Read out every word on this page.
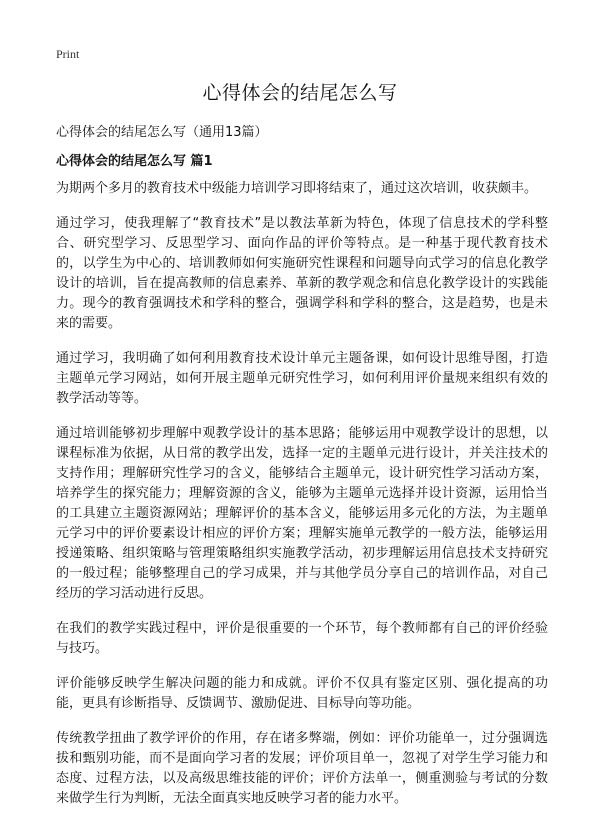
Print
心得体会的结尾怎么写

心得体会的结尾怎么写（通用13篇）

心得体会的结尾怎么写 篇1

为期两个多月的教育技术中级能力培训学习即将结束了，通过这次培训，收获颇丰。

通过学习，使我理解了“教育技术”是以教法革新为特色，体现了信息技术的学科整合、研究型学习、反思型学习、面向作品的评价等特点。是一种基于现代教育技术的，以学生为中心的、培训教师如何实施研究性课程和问题导向式学习的信息化教学设计的培训，旨在提高教师的信息素养、革新的教学观念和信息化教学设计的实践能力。现今的教育强调技术和学科的整合，强调学科和学科的整合，这是趋势，也是未来的需要。

通过学习，我明确了如何利用教育技术设计单元主题备课，如何设计思维导图，打造主题单元学习网站，如何开展主题单元研究性学习，如何利用评价量规来组织有效的教学活动等等。

通过培训能够初步理解中观教学设计的基本思路；能够运用中观教学设计的思想，以课程标准为依据，从日常的教学出发，选择一定的主题单元进行设计，并关注技术的支持作用；理解研究性学习的含义，能够结合主题单元，设计研究性学习活动方案，培养学生的探究能力；理解资源的含义，能够为主题单元选择并设计资源，运用恰当的工具建立主题资源网站；理解评价的基本含义，能够运用多元化的方法，为主题单元学习中的评价要素设计相应的评价方案；理解实施单元教学的一般方法，能够运用授递策略、组织策略与管理策略组织实施教学活动，初步理解运用信息技术支持研究的一般过程；能够整理自己的学习成果，并与其他学员分享自己的培训作品，对自己经历的学习活动进行反思。

在我们的教学实践过程中，评价是很重要的一个环节，每个教师都有自己的评价经验与技巧。

评价能够反映学生解决问题的能力和成就。评价不仅具有鉴定区别、强化提高的功能，更具有诊断指导、反馈调节、激励促进、目标导向等功能。

传统教学扭曲了教学评价的作用，存在诸多弊端，例如：评价功能单一，过分强调选拔和甄别功能，而不是面向学习者的发展；评价项目单一，忽视了对学生学习能力和态度、过程方法，以及高级思维技能的评价；评价方法单一，侧重测验与考试的分数来做学生行为判断，无法全面真实地反映学习者的能力水平。
